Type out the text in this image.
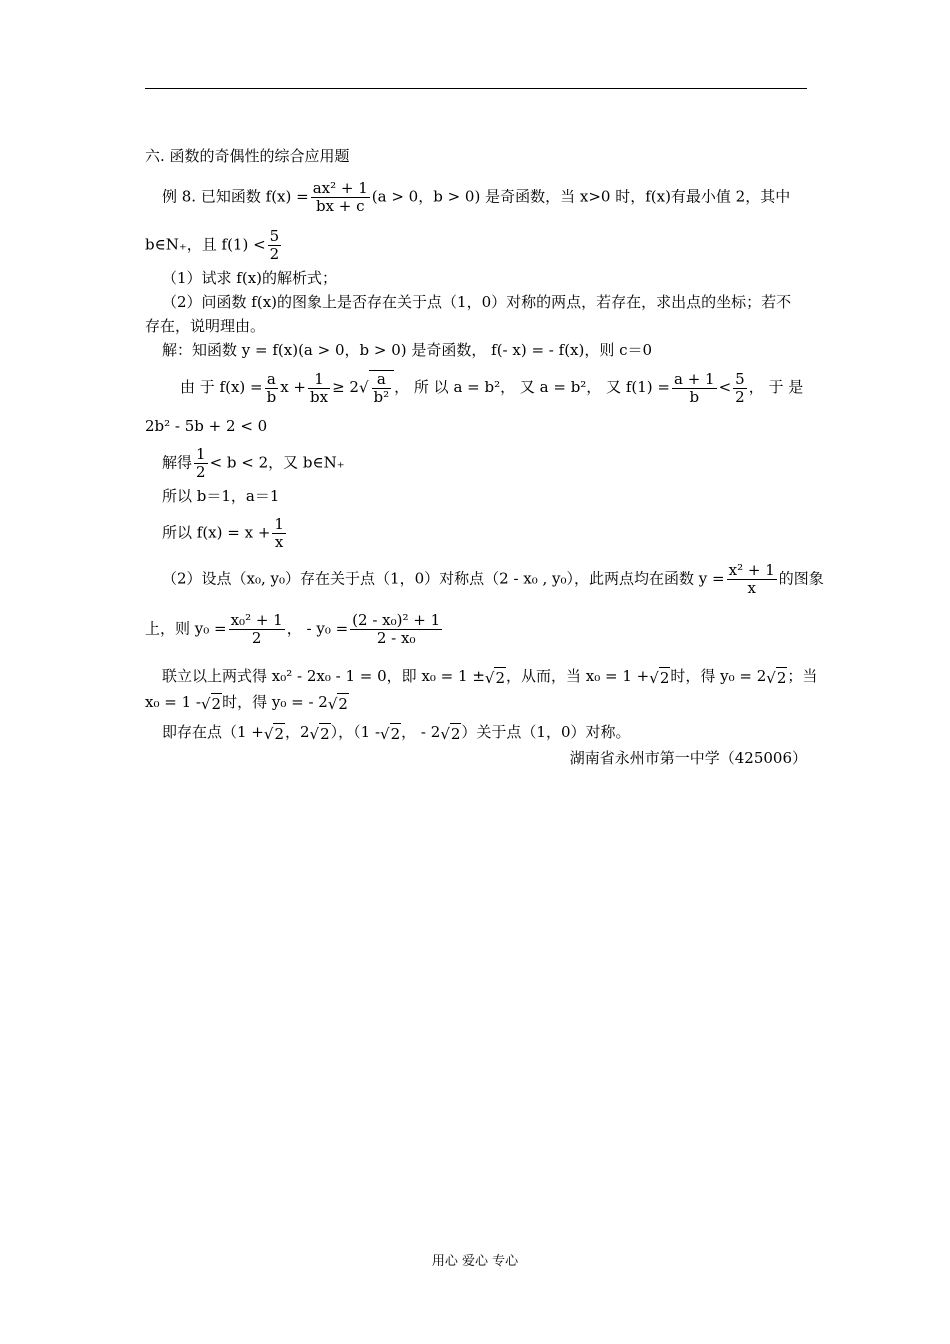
六. 函数的奇偶性的综合应用题
例 8. 已知函数 $f(x) = \frac{\text{ax² + 1}}{bx + c} (a > 0$，b > 0) 是奇函数，当 x>0 时，f(x)有最小值 2，其中
b∈N₊，且 $f(1) < \frac{5}{2}$
（1）试求 f(x)的解析式；
（2）问函数 f(x)的图象上是否存在关于点（1，0）对称的两点，若存在，求出点的坐标；若不
存在，说明理由。
解：知函数 y = f(x)(a > 0，b > 0) 是奇函数， f(- x) = - f(x)，则 c＝0
由 于 $f(x) = \frac{a}{b}$ $x + \frac{1}{bx} \ge 2√ \frac{a}{\text{b²}}$ ， 所 以 a = b²， 又 a = b²， 又 $f(1) = \frac{a + 1}{b} < \frac{5}{2}$ ， 于 是
2b² - 5b + 2 < 0
解得 $\frac{1}{2} < b < 2$，又 b∈N₊
所以 b＝1，a＝1
所以 $f(x) = x + \frac{1}{x}$
（2）设点（x₀, y₀）存在关于点（1，0）对称点（2 - x₀ , y₀），此两点均在函数 $y = \frac{\text{x² + 1}}{x}$ 的图象
上，则 $y_0 = \frac{\text{x₀² + 1}}{2}$ ， - $y_0 = \frac{\text{(2 - x₀)² + 1}}{\text{2 - x₀}}$
联立以上两式得 x₀² - 2x₀ - 1 = 0，即 x₀ = 1 ±√2，从而，当 x₀ = 1 +√2时，得 y₀ = 2√2；当
x₀ = 1 -√2时，得 y₀ = - 2√2
即存在点（1 +√2，2√2），（1 -√2， - 2√2）关于点（1，0）对称。
湖南省永州市第一中学（425006）
用心 爱心 专心
